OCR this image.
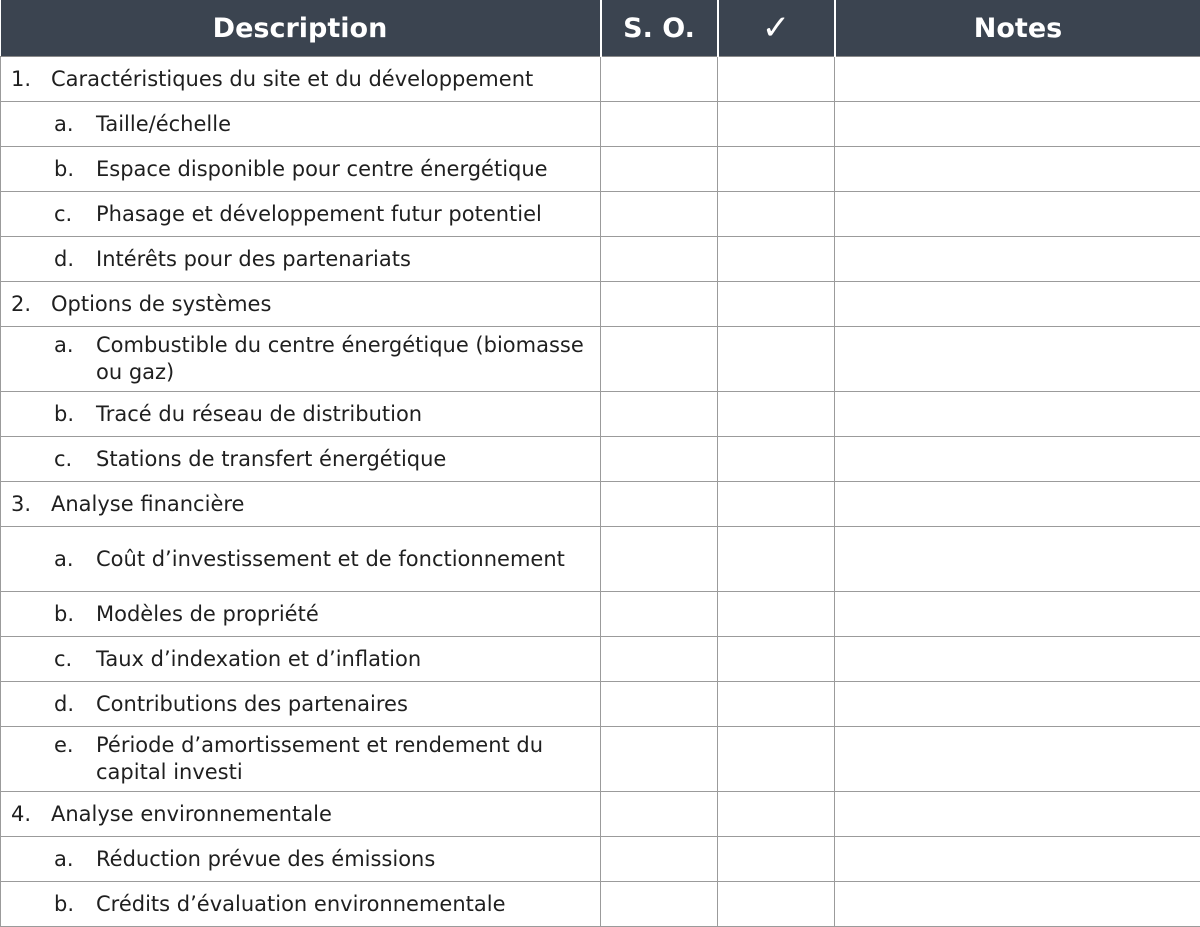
Description	S. O.	✓	Notes

1. Caractéristiques du site et du développement			

a. Taille/échelle			

b. Espace disponible pour centre énergétique			

c. Phasage et développement futur potentiel			

d. Intérêts pour des partenariats			

2. Options de systèmes			

a. Combustible du centre énergétique (biomasse ou gaz)			

b. Tracé du réseau de distribution			

c. Stations de transfert énergétique			

3. Analyse financière			

a. Coût d’investissement et de fonctionnement			

b. Modèles de propriété			

c. Taux d’indexation et d’inflation			

d. Contributions des partenaires			

e. Période d’amortissement et rendement du capital investi			

4. Analyse environnementale			

a. Réduction prévue des émissions			

b. Crédits d’évaluation environnementale			
